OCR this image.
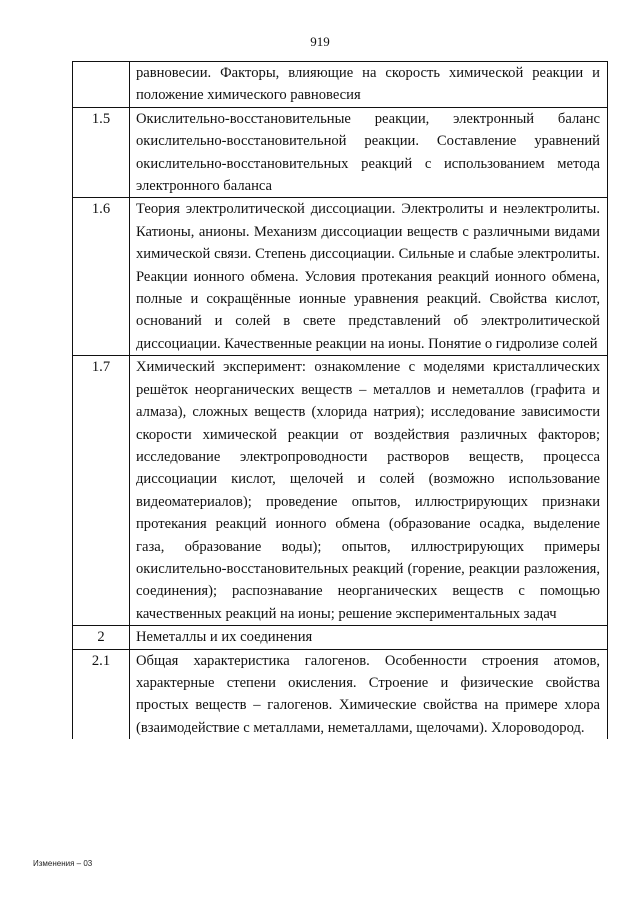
919
	равновесии. Факторы, влияющие на скорость химической реакции и положение химического равновесия
1.5	Окислительно-восстановительные реакции, электронный баланс окислительно-восстановительной реакции. Составление уравнений окислительно-восстановительных реакций с использованием метода электронного баланса
1.6	Теория электролитической диссоциации. Электролиты и неэлектролиты. Катионы, анионы. Механизм диссоциации веществ с различными видами химической связи. Степень диссоциации. Сильные и слабые электролиты. Реакции ионного обмена. Условия протекания реакций ионного обмена, полные и сокращённые ионные уравнения реакций. Свойства кислот, оснований и солей в свете представлений об электролитической диссоциации. Качественные реакции на ионы. Понятие о гидролизе солей
1.7	Химический эксперимент: ознакомление с моделями кристаллических решёток неорганических веществ – металлов и неметаллов (графита и алмаза), сложных веществ (хлорида натрия); исследование зависимости скорости химической реакции от воздействия различных факторов; исследование электропроводности растворов веществ, процесса диссоциации кислот, щелочей и солей (возможно использование видеоматериалов); проведение опытов, иллюстрирующих признаки протекания реакций ионного обмена (образование осадка, выделение газа, образование воды); опытов, иллюстрирующих примеры окислительно-восстановительных реакций (горение, реакции разложения, соединения); распознавание неорганических веществ с помощью качественных реакций на ионы; решение экспериментальных задач
2	Неметаллы и их соединения
2.1	Общая характеристика галогенов. Особенности строения атомов, характерные степени окисления. Строение и физические свойства простых веществ – галогенов. Химические свойства на примере хлора (взаимодействие с металлами, неметаллами, щелочами). Хлороводород.
Изменения – 03
